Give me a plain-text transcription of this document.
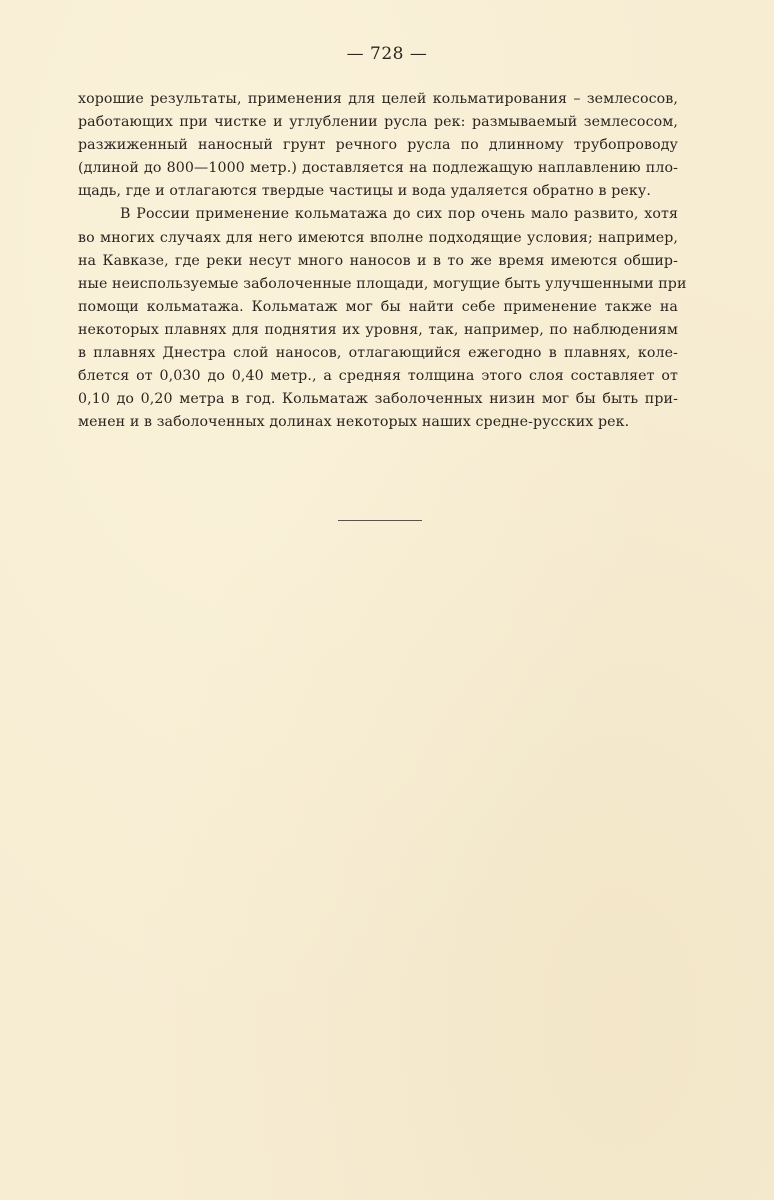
— 728 —
хорошие результаты, применения для целей кольматирования – землесосов,
работающих при чистке и углублении русла рек: размываемый землесосом,
разжиженный наносный грунт речного русла по длинному трубопроводу
(длиной до 800—1000 метр.) доставляется на подлежащую наплавлению пло-
щадь, где и отлагаются твердые частицы и вода удаляется обратно в реку.
В России применение кольматажа до сих пор очень мало развито, хотя
во многих случаях для него имеются вполне подходящие условия; например,
на Кавказе, где реки несут много наносов и в то же время имеются обшир-
ные неиспользуемые заболоченные площади, могущие быть улучшенными при
помощи кольматажа. Кольматаж мог бы найти себе применение также на
некоторых плавнях для поднятия их уровня, так, например, по наблюдениям
в плавнях Днестра слой наносов, отлагающийся ежегодно в плавнях, коле-
блется от 0,030 до 0,40 метр., а средняя толщина этого слоя составляет от
0,10 до 0,20 метра в год. Кольматаж заболоченных низин мог бы быть при-
менен и в заболоченных долинах некоторых наших средне-русских рек.
